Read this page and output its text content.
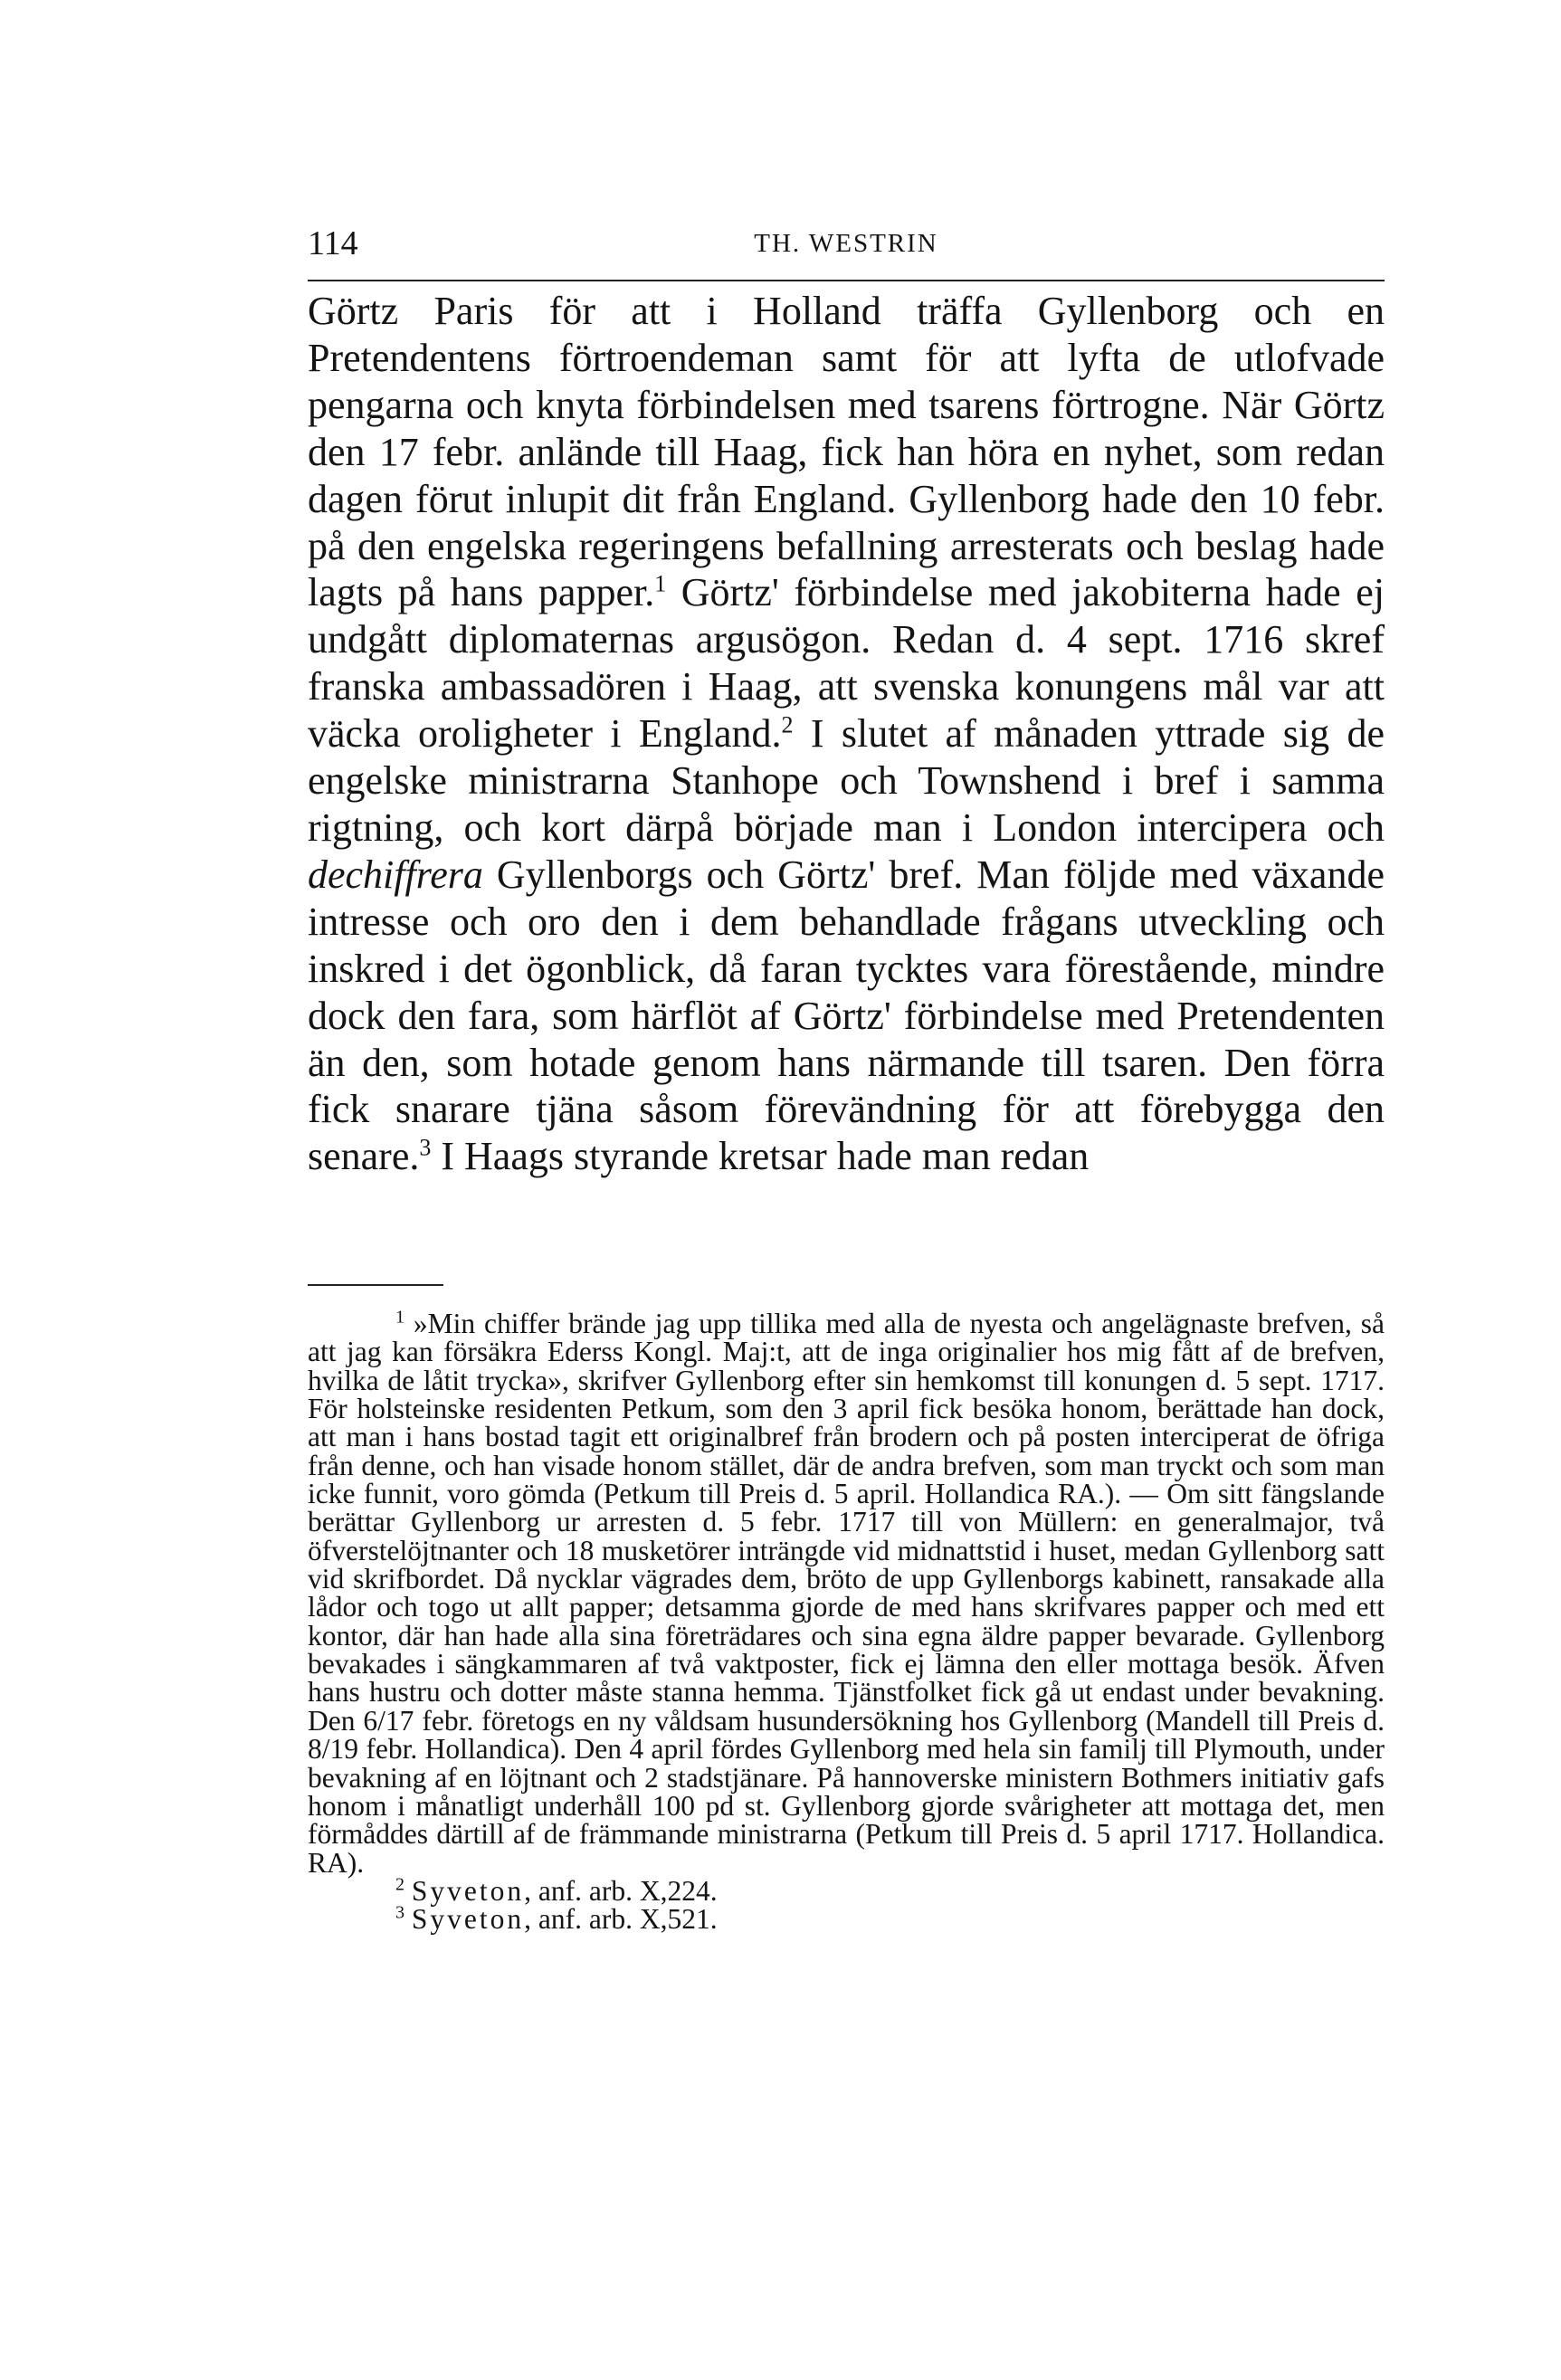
114	TH. WESTRIN

Görtz Paris för att i Holland träffa Gyllenborg och en Pretendentens förtroendeman samt för att lyfta de utlofvade pengarna och knyta förbindelsen med tsarens förtrogne. När Görtz den 17 febr. anlände till Haag, fick han höra en nyhet, som redan dagen förut inlupit dit från England. Gyllenborg hade den 10 febr. på den engelska regeringens befallning arresterats och beslag hade lagts på hans papper.$^1$ Görtz' förbindelse med jakobiterna hade ej undgått diplomaternas argusögon. Redan d. 4 sept. 1716 skref franska ambassadören i Haag, att svenska konungens mål var att väcka oroligheter i England.$^2$ I slutet af månaden yttrade sig de engelske ministrarna Stanhope och Townshend i bref i samma rigtning, och kort därpå började man i London intercipera och dechiffrera Gyllenborgs och Görtz' bref. Man följde med växande intresse och oro den i dem behandlade frågans utveckling och inskred i det ögonblick, då faran tycktes vara förestående, mindre dock den fara, som härflöt af Görtz' förbindelse med Pretendenten än den, som hotade genom hans närmande till tsaren. Den förra fick snarare tjäna såsom förevändning för att förebygga den senare.$^3$ I Haags styrande kretsar hade man redan

$^1$ »Min chiffer brände jag upp tillika med alla de nyesta och angelägnaste brefven, så att jag kan försäkra Ederss Kongl. Maj:t, att de inga originalier hos mig fått af de brefven, hvilka de låtit trycka», skrifver Gyllenborg efter sin hemkomst till konungen d. 5 sept. 1717. För holsteinske residenten Petkum, som den 3 april fick besöka honom, berättade han dock, att man i hans bostad tagit ett originalbref från brodern och på posten interciperat de öfriga från denne, och han visade honom stället, där de andra brefven, som man tryckt och som man icke funnit, voro gömda (Petkum till Preis d. 5 april. Hollandica RA.). — Om sitt fängslande berättar Gyllenborg ur arresten d. 5 febr. 1717 till von Müllern: en generalmajor, två öfverstelöjtnanter och 18 musketörer inträngde vid midnattstid i huset, medan Gyllenborg satt vid skrifbordet. Då nycklar vägrades dem, bröto de upp Gyllenborgs kabinett, ransakade alla lådor och togo ut allt papper; detsamma gjorde de med hans skrifvares papper och med ett kontor, där han hade alla sina företrädares och sina egna äldre papper bevarade. Gyllenborg bevakades i sängkammaren af två vaktposter, fick ej lämna den eller mottaga besök. Äfven hans hustru och dotter måste stanna hemma. Tjänstfolket fick gå ut endast under bevakning. Den 6/17 febr. företogs en ny våldsam husundersökning hos Gyllenborg (Mandell till Preis d. 8/19 febr. Hollandica). Den 4 april fördes Gyllenborg med hela sin familj till Plymouth, under bevakning af en löjtnant och 2 stadstjänare. På hannoverske ministern Bothmers initiativ gafs honom i månatligt underhåll 100 pd st. Gyllenborg gjorde svårigheter att mottaga det, men förmåddes därtill af de främmande ministrarna (Petkum till Preis d. 5 april 1717. Hollandica. RA).

$^2$ Syveton, anf. arb. X,224.

$^3$ Syveton, anf. arb. X,521.
